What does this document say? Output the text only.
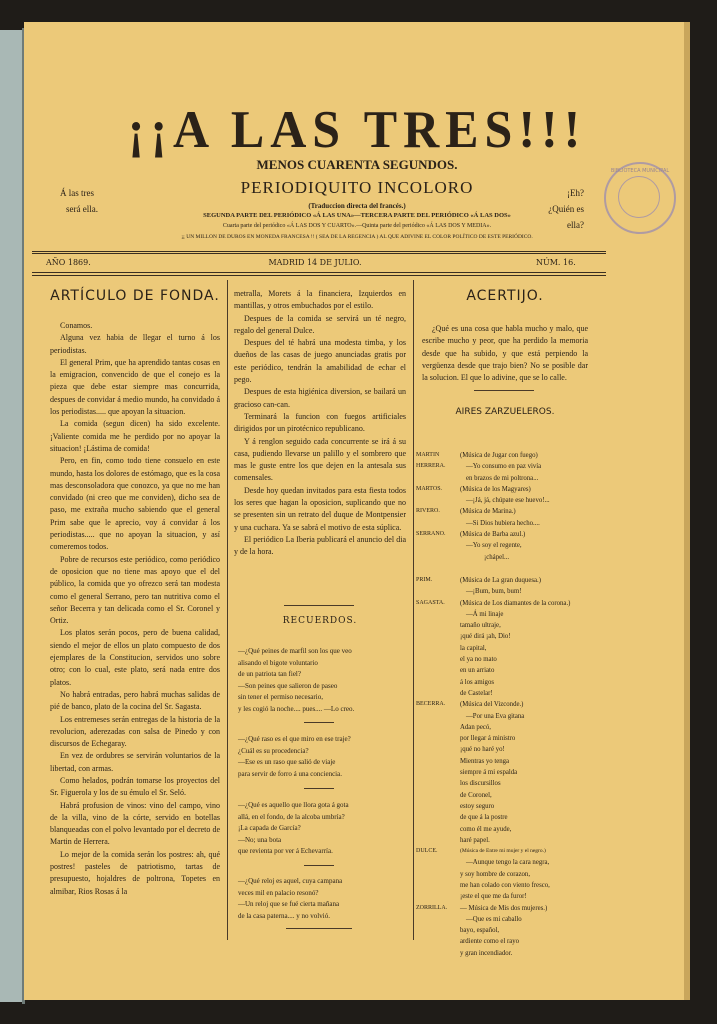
¡¡A LAS TRES!!!
MENOS CUARENTA SEGUNDOS.
PERIODIQUITO INCOLORO
(Traduccion directa del francés.)
SEGUNDA PARTE DEL PERIÓDICO «Á LAS UNA»—TERCERA PARTE DEL PERIÓDICO «Á LAS DOS»
Cuarta parte del periódico «Á LAS DOS Y CUARTO».—Quinta parte del periódico «Á LAS DOS Y MEDIA».
¡¡ UN MILLON DE DUROS EN MONEDA FRANCESA !! ( SEA DE LA REGENCIA ) AL QUE ADIVINE EL COLOR POLÍTICO DE ESTE PERIÓDICO.
Á las tres
será ella.
¡Eh?
¿Quién es ella?
BIBLIOTECA MUNICIPAL
AÑO 1869.	MADRID 14 DE JULIO.	NÚM. 16.
ARTÍCULO DE FONDA.

Conamos.

Alguna vez habia de llegar el turno á los periodistas.

El general Prim, que ha aprendido tantas cosas en la emigracion, convencido de que el conejo es la pieza que debe estar siempre mas concurrida, despues de convidar á medio mundo, ha convidado á los periodistas..... que apoyan la situacion.

La comida (segun dicen) ha sido excelente. ¡Valiente comida me he perdido por no apoyar la situacion! ¡Lástima de comida!

Pero, en fin, como todo tiene consuelo en este mundo, hasta los dolores de estómago, que es la cosa mas desconsoladora que conozco, ya que no me han convidado (ni creo que me conviden), dicho sea de paso, me extraña mucho sabiendo que el general Prim sabe que le aprecio, voy á convidar á los periodistas..... que no apoyan la situacion, y así comeremos todos.

Pobre de recursos este periódico, como periódico de oposicion que no tiene mas apoyo que el del público, la comida que yo ofrezco será tan modesta como el general Serrano, pero tan nutritiva como el señor Becerra y tan delicada como el Sr. Coronel y Ortiz.

Los platos serán pocos, pero de buena calidad, siendo el mejor de ellos un plato compuesto de dos ejemplares de la Constitucion, servidos uno sobre otro; con lo cual, este plato, será nada entre dos platos.

No habrá entradas, pero habrá muchas salidas de pié de banco, plato de la cocina del Sr. Sagasta.

Los entremeses serán entregas de la historia de la revolucion, aderezadas con salsa de Pinedo y con discursos de Echegaray.

En vez de ordubres se servirán voluntarios de la libertad, con armas.

Como helados, podrán tomarse los proyectos del Sr. Figuerola y los de su émulo el Sr. Seló.

Habrá profusion de vinos: vino del campo, vino de la villa, vino de la córte, servido en botellas blanqueadas con el polvo levantado por el decreto de Martin de Herrera.

Lo mejor de la comida serán los postres: ah, qué postres! pasteles de patriotismo, tartas de presupuesto, hojaldres de poltrona, Topetes en almibar, Rios Rosas á la

metralla, Morets á la financiera, Izquierdos en mantillas, y otros embuchados por el estilo.

Despues de la comida se servirá un té negro, regalo del general Dulce.

Despues del té habrá una modesta timba, y los dueños de las casas de juego anunciadas gratis por este periódico, tendrán la amabilidad de echar el pego.

Despues de esta higiénica diversion, se bailará un gracioso can-can.

Terminará la funcion con fuegos artificiales dirigidos por un pirotécnico republicano.

Y á renglon seguido cada concurrente se irá á su casa, pudiendo llevarse un palillo y el sombrero que mas le guste entre los que dejen en la antesala sus comensales.

Desde hoy quedan invitados para esta fiesta todos los seres que hagan la oposicion, suplicando que no se presenten sin un retrato del duque de Montpensier y una cuchara. Ya se sabrá el motivo de esta súplica.

El periódico La Iberia publicará el anuncio del dia y de la hora.

RECUERDOS.
—¿Qué peines de marfil son los que veo
alisando el bigote voluntario
de un patriota tan fiel?
—Son peines que salieron de paseo
sin tener el permiso necesario,
y les cogió la noche.... pues.... —Lo creo.
—¿Qué raso es el que miro en ese traje?
¿Cuál es su procedencia?
—Ese es un raso que salió de viaje
para servir de forro á una conciencia.
—¿Qué es aquello que llora gota á gota
allá, en el fondo, de la alcoba umbría?
¡La capada de García?
—No; una bota
que revienta por ver á Echevarría.
—¿Qué reloj es aquel, cuya campana
veces mil en palacio resonó?
—Un reloj que se fué cierta mañana
de la casa paterna.... y no volvió.
ACERTIJO.

¿Qué es una cosa que habla mucho y malo, que escribe mucho y peor, que ha perdido la memoria desde que ha subido, y que está perpiendo la vergüenza desde que trajo bien? No se posible dar la solucion. El que lo adivine, que se lo calle.

AIRES ZARZUELEROS.
MARTIN HERRERA.
(Música de Jugar con fuego)
—Yo consumo en paz vivía
en brazos de mi poltrona...
MARTOS.	(Música de los Magyares)
—¡Já, já, chúpate ese huevo!...
RIVERO.	(Música de Marina.)
—Si Dios hubiera hecho....
SERRANO.	(Música de Barba azul.)
—Yo soy el regente,
¡chápel...
PRIM.	(Música de La gran duquesa.)
—¡Bum, bum, bum!
SAGASTA.	(Música de Los diamantes de la corona.)
—Á mi linaje
tamaño ultraje,
¡qué dirá ¡ah, Dio!
la capital,
el ya no mato
en un arriato
á los amigos
de Castelar!
BECERRA.	(Música del Vizconde.)
—Por una Eva gitana
Adan pecó,
por llegar á ministro
¡qué no haré yo!
Mientras yo tenga
siempre á mi espalda
los discursillos
de Coronel,
estoy seguro
de que á la postre
como él me ayude,
haré papel.
DULCE.	(Música de Entre mi mujer y el negro.)
—Aunque tengo la cara negra,
y soy hombre de corazon,
me han colado con viento fresco,
¡este el que me da furor!
ZORRILLA.	— Música de Mis dos mujeres.)
—Que es mi caballo
bayo, español,
ardiente como el rayo
y gran incendiador.
